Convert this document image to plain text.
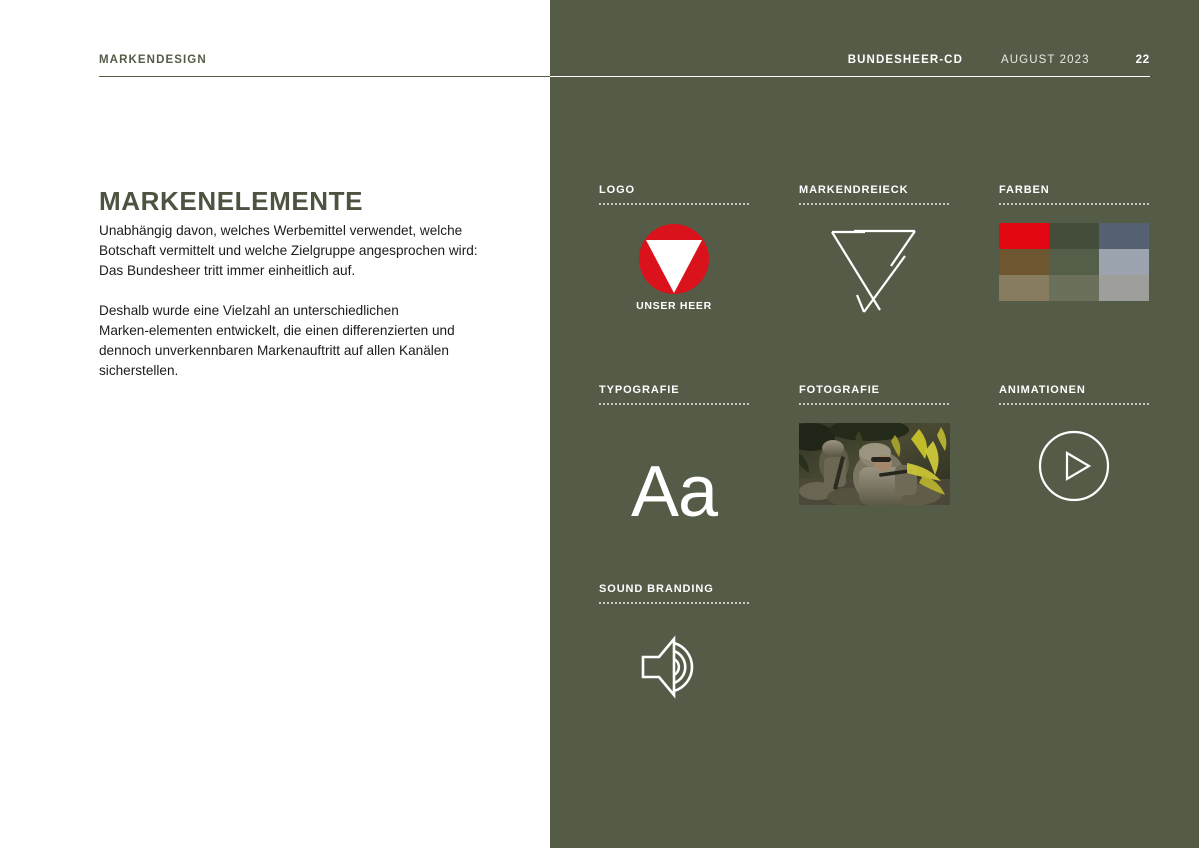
MARKENDESIGN	BUNDESHEER-CD	AUGUST 2023	22
MARKENELEMENTE

Unabhängig davon, welches Werbemittel verwendet, welche Botschaft vermittelt und welche Zielgruppe angesprochen wird: Das Bundesheer tritt immer einheitlich auf.

Deshalb wurde eine Vielzahl an unterschiedlichen Marken‑elementen entwickelt, die einen differenzierten und dennoch unverkennbaren Markenauftritt auf allen Kanälen sicherstellen.

LOGO
UNSER HEER
MARKENDREIECK	FARBEN
TYPOGRAFIE
Aa
FOTOGRAFIE	ANIMATIONEN
SOUND BRANDING
